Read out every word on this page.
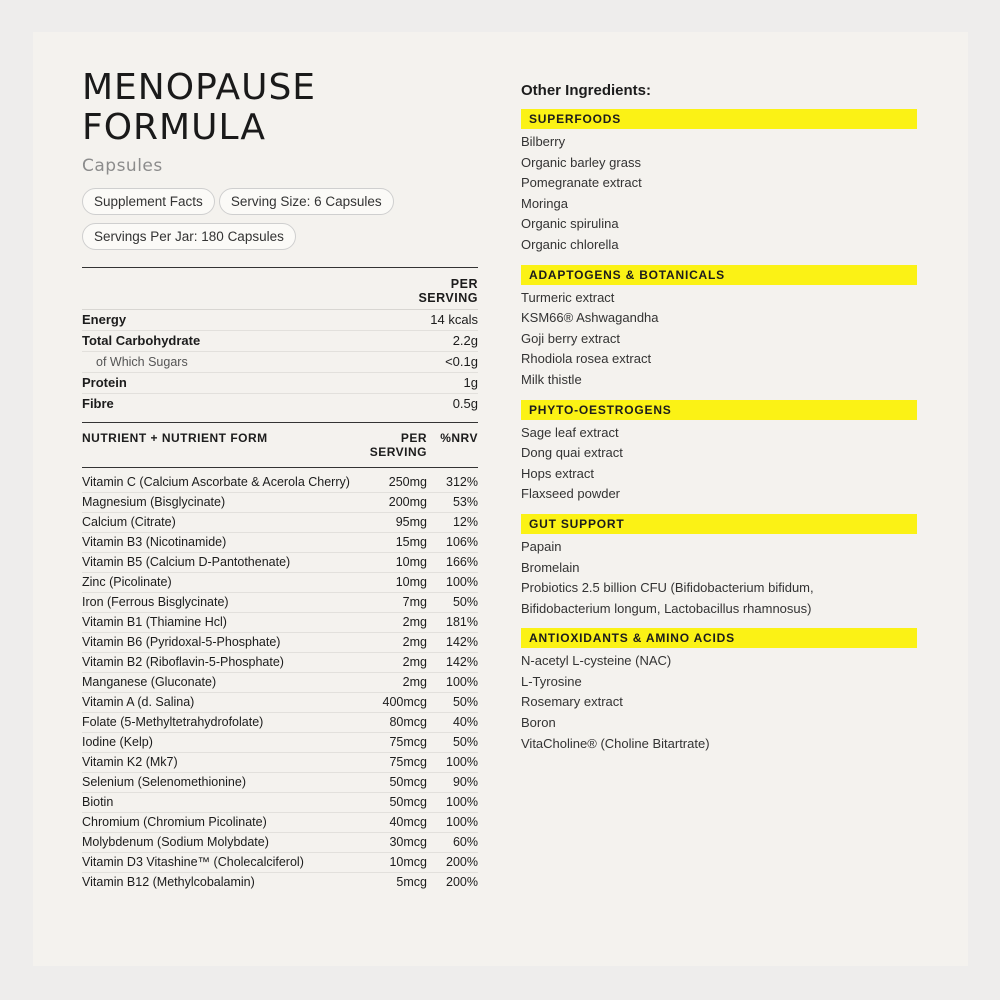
MENOPAUSE
FORMULA
Capsules
Supplement Facts Serving Size: 6 Capsules
Servings Per Jar: 180 Capsules
PER
SERVING
Energy	14 kcals
Total Carbohydrate	2.2g
of Which Sugars	<0.1g
Protein	1g
Fibre	0.5g
NUTRIENT + NUTRIENT FORM	PER
SERVING
%NRV
Vitamin C (Calcium Ascorbate & Acerola Cherry)	250mg	312%
Magnesium (Bisglycinate)	200mg	53%
Calcium (Citrate)	95mg	12%
Vitamin B3 (Nicotinamide)	15mg	106%
Vitamin B5 (Calcium D-Pantothenate)	10mg	166%
Zinc (Picolinate)	10mg	100%
Iron (Ferrous Bisglycinate)	7mg	50%
Vitamin B1 (Thiamine Hcl)	2mg	181%
Vitamin B6 (Pyridoxal-5-Phosphate)	2mg	142%
Vitamin B2 (Riboflavin-5-Phosphate)	2mg	142%
Manganese (Gluconate)	2mg	100%
Vitamin A (d. Salina)	400mcg	50%
Folate (5-Methyltetrahydrofolate)	80mcg	40%
Iodine (Kelp)	75mcg	50%
Vitamin K2 (Mk7)	75mcg	100%
Selenium (Selenomethionine)	50mcg	90%
Biotin	50mcg	100%
Chromium (Chromium Picolinate)	40mcg	100%
Molybdenum (Sodium Molybdate)	30mcg	60%
Vitamin D3 Vitashine™ (Cholecalciferol)	10mcg	200%
Vitamin B12 (Methylcobalamin)	5mcg	200%
Other Ingredients:
SUPERFOODS
Bilberry
Organic barley grass
Pomegranate extract
Moringa
Organic spirulina
Organic chlorella
ADAPTOGENS & BOTANICALS
Turmeric extract
KSM66® Ashwagandha
Goji berry extract
Rhodiola rosea extract
Milk thistle
PHYTO-OESTROGENS
Sage leaf extract
Dong quai extract
Hops extract
Flaxseed powder
GUT SUPPORT
Papain
Bromelain
Probiotics 2.5 billion CFU (Bifidobacterium bifidum,
Bifidobacterium longum, Lactobacillus rhamnosus)
ANTIOXIDANTS & AMINO ACIDS
N-acetyl L-cysteine (NAC)
L-Tyrosine
Rosemary extract
Boron
VitaCholine® (Choline Bitartrate)
